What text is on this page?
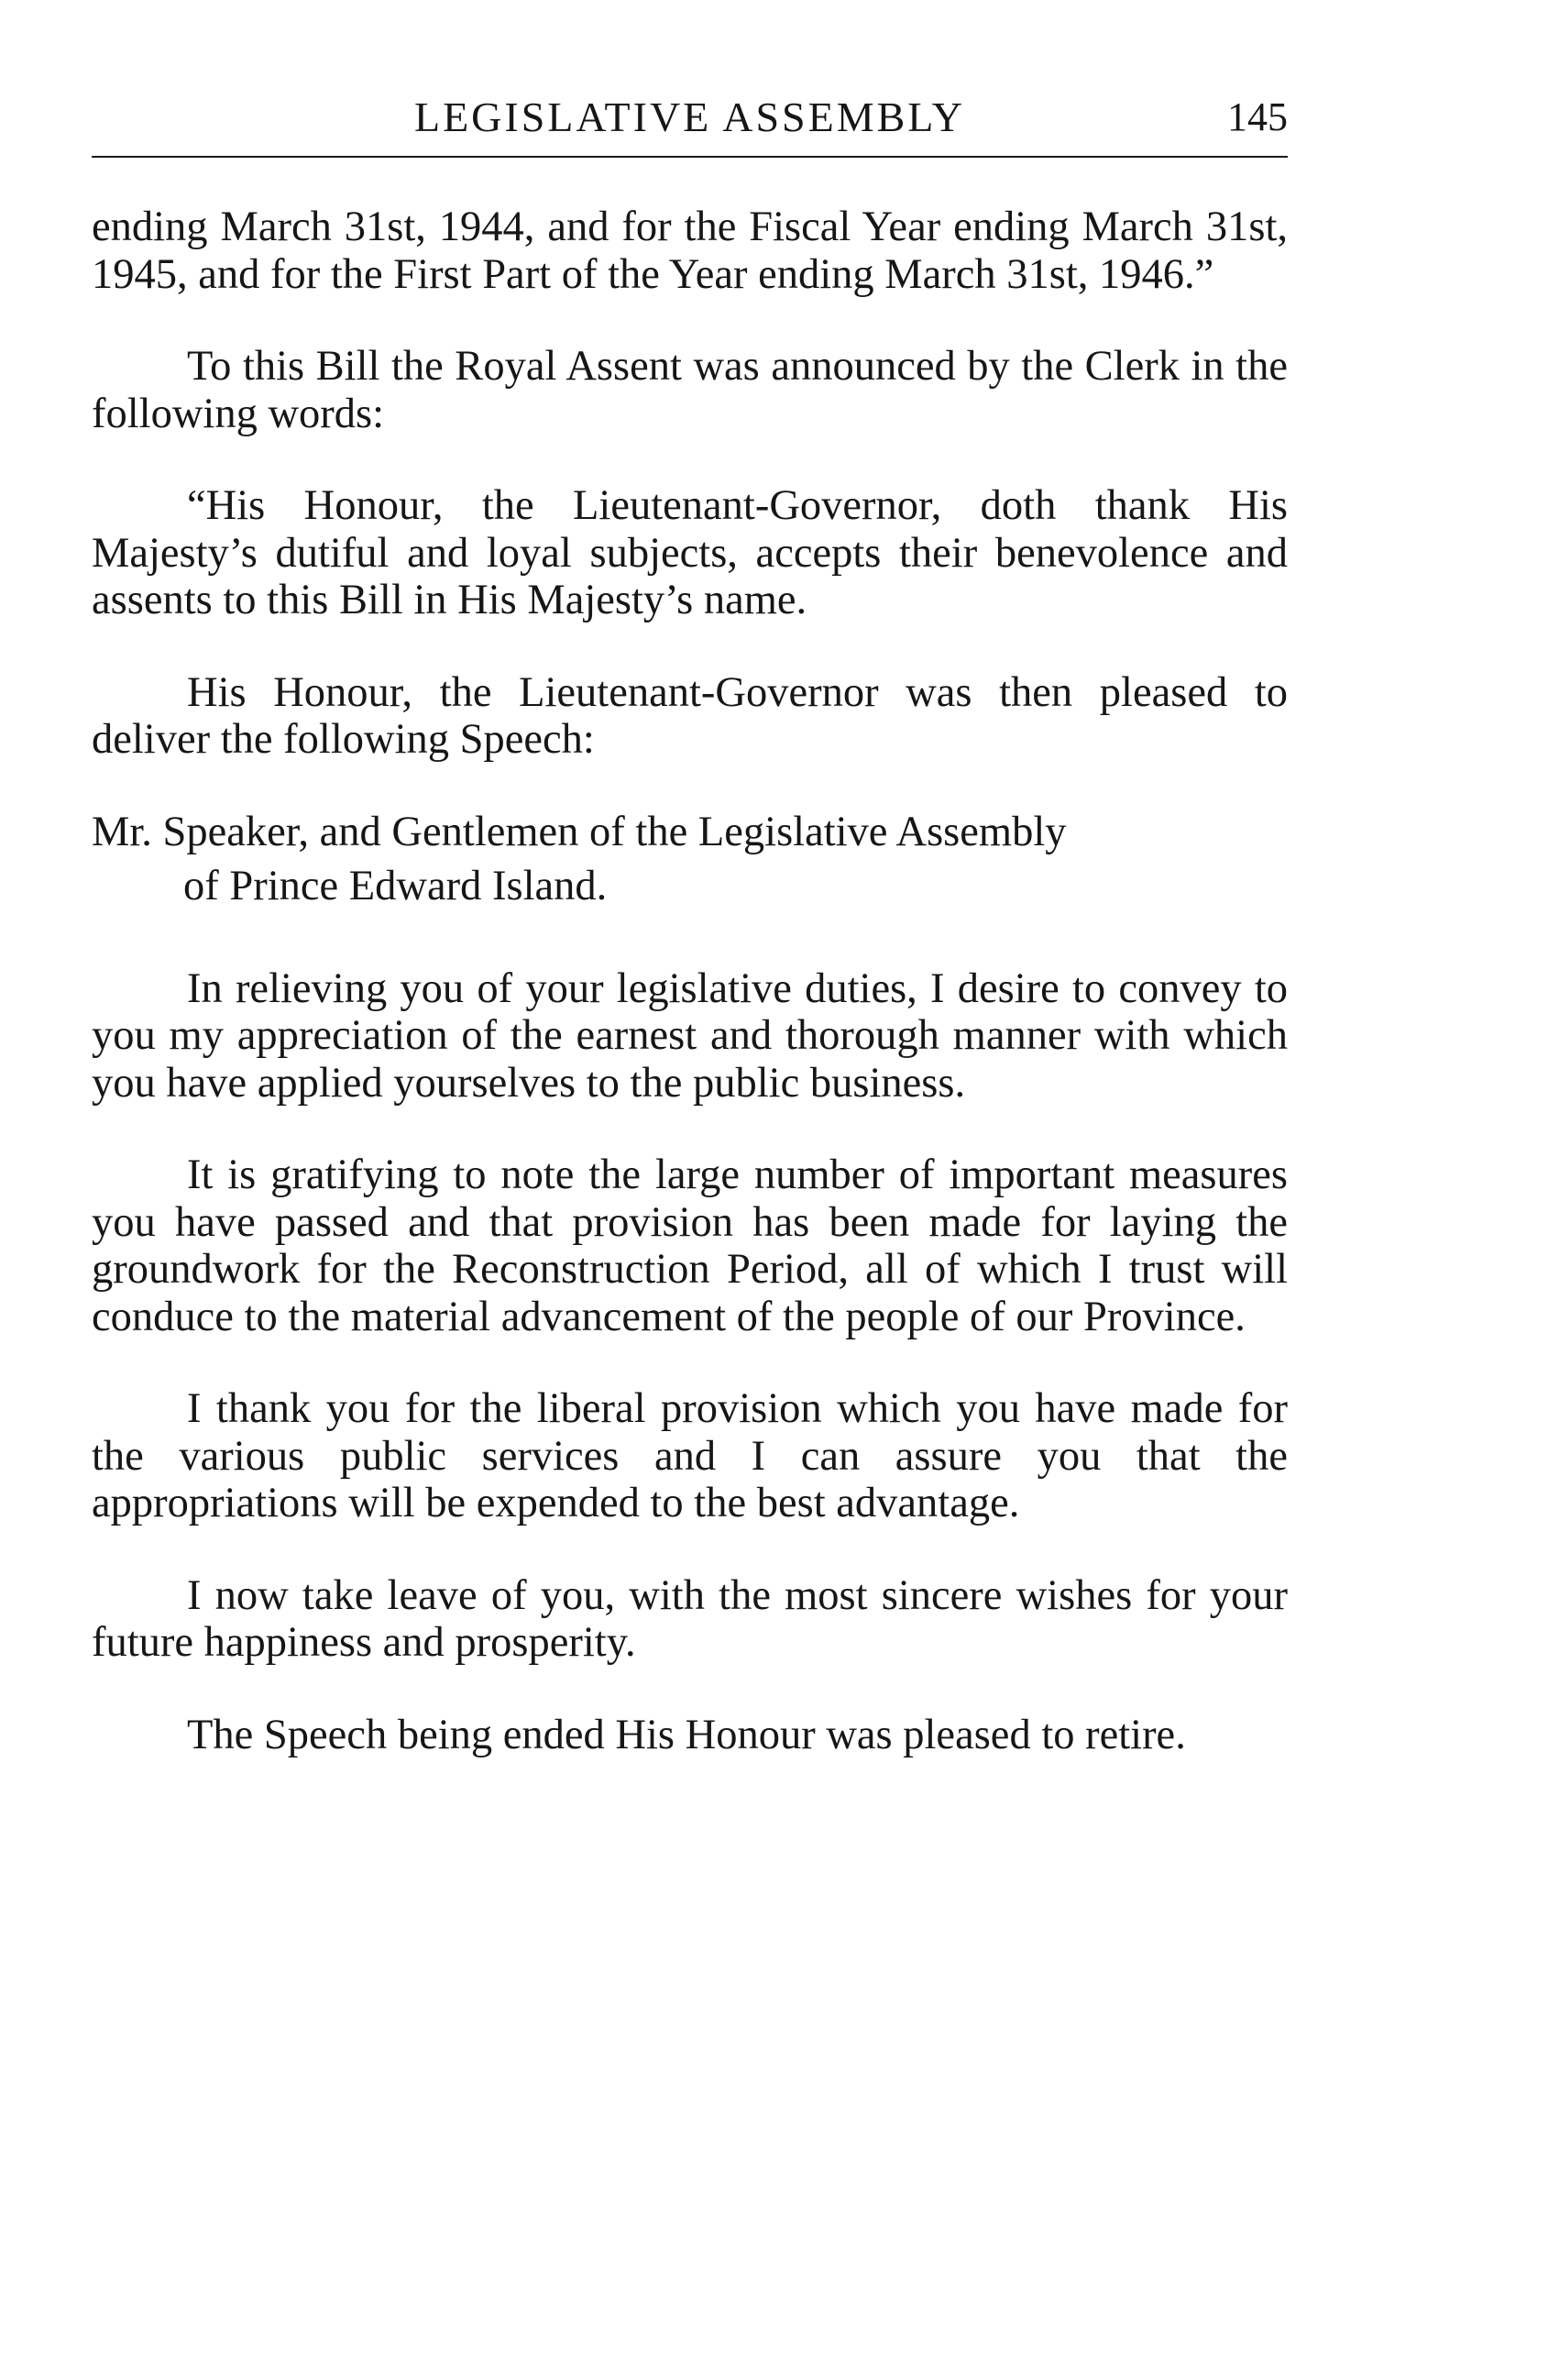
LEGISLATIVE ASSEMBLY	145

ending March 31st, 1944, and for the Fiscal Year ending March 31st, 1945, and for the First Part of the Year ending March 31st, 1946.”

To this Bill the Royal Assent was announced by the Clerk in the following words:

“His Honour, the Lieutenant-Governor, doth thank His Majesty’s dutiful and loyal subjects, accepts their benevolence and assents to this Bill in His Majesty’s name.

His Honour, the Lieutenant-Governor was then pleased to deliver the following Speech:

Mr. Speaker, and Gentlemen of the Legislative Assembly
of Prince Edward Island.

In relieving you of your legislative duties, I desire to convey to you my appreciation of the earnest and thorough manner with which you have applied yourselves to the public business.

It is gratifying to note the large number of important measures you have passed and that provision has been made for laying the groundwork for the Reconstruction Period, all of which I trust will conduce to the material advancement of the people of our Province.

I thank you for the liberal provision which you have made for the various public services and I can assure you that the appropriations will be expended to the best advantage.

I now take leave of you, with the most sincere wishes for your future happiness and prosperity.

The Speech being ended His Honour was pleased to retire.
